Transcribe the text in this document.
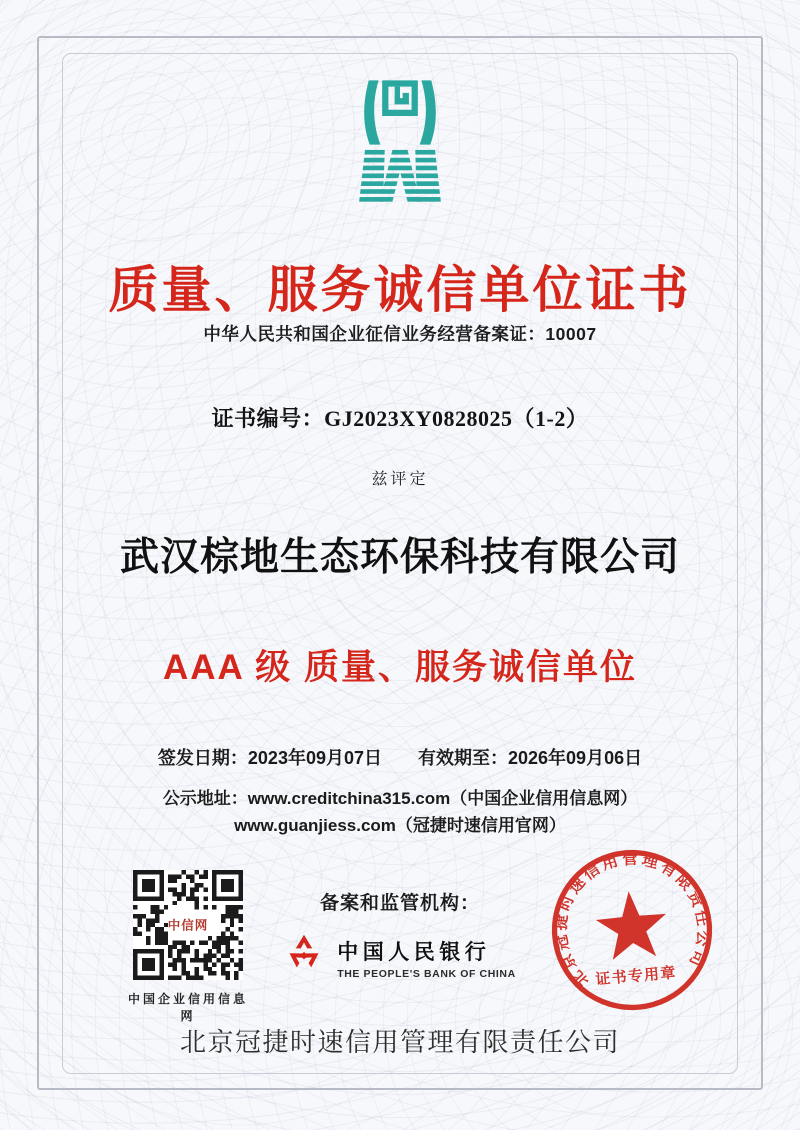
质量、服务诚信单位证书
中华人民共和国企业征信业务经营备案证：10007
证书编号：GJ2023XY0828025（1-2）
兹评定
武汉棕地生态环保科技有限公司
AAA 级 质量、服务诚信单位
签发日期：2023年09月07日 有效期至：2026年09月06日
公示地址：www.creditchina315.com（中国企业信用信息网）
www.guanjiess.com（冠捷时速信用官网）
中信网
中国企业信用信息网
备案和监管机构：
中国人民银行
THE PEOPLE'S BANK OF CHINA	北京冠捷时速信用管理有限责任公司
证书专用章
北京冠捷时速信用管理有限责任公司
